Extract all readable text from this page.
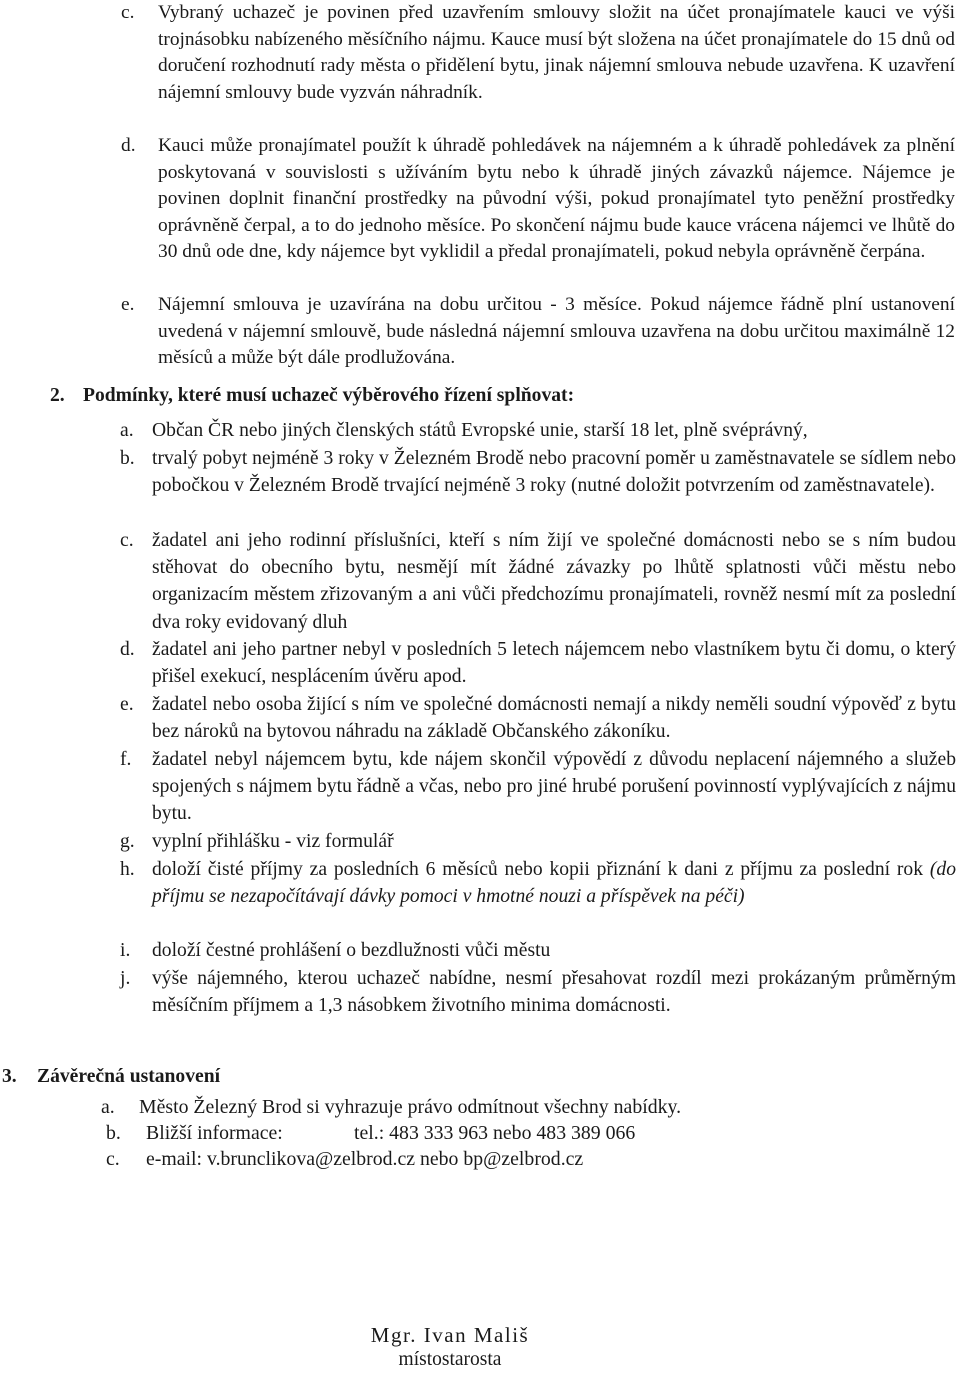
c. Vybraný uchazeč je povinen před uzavřením smlouvy složit na účet pronajímatele kauci ve výši trojnásobku nabízeného měsíčního nájmu. Kauce musí být složena na účet pronajímatele do 15 dnů od doručení rozhodnutí rady města o přidělení bytu, jinak nájemní smlouva nebude uzavřena. K uzavření nájemní smlouvy bude vyzván náhradník.
d. Kauci může pronajímatel použít k úhradě pohledávek na nájemném a k úhradě pohledávek za plnění poskytovaná v souvislosti s užíváním bytu nebo k úhradě jiných závazků nájemce. Nájemce je povinen doplnit finanční prostředky na původní výši, pokud pronajímatel tyto peněžní prostředky oprávněně čerpal, a to do jednoho měsíce. Po skončení nájmu bude kauce vrácena nájemci ve lhůtě do 30 dnů ode dne, kdy nájemce byt vyklidil a předal pronajímateli, pokud nebyla oprávněně čerpána.
e. Nájemní smlouva je uzavírána na dobu určitou - 3 měsíce. Pokud nájemce řádně plní ustanovení uvedená v nájemní smlouvě, bude následná nájemní smlouva uzavřena na dobu určitou maximálně 12 měsíců a může být dále prodlužována.
2. Podmínky, které musí uchazeč výběrového řízení splňovat:
a. Občan ČR nebo jiných členských států Evropské unie, starší 18 let, plně svéprávný,
b. trvalý pobyt nejméně 3 roky v Železném Brodě nebo pracovní poměr u zaměstnavatele se sídlem nebo pobočkou v Železném Brodě trvající nejméně 3 roky (nutné doložit potvrzením od zaměstnavatele).
c. žadatel ani jeho rodinní příslušníci, kteří s ním žijí ve společné domácnosti nebo se s ním budou stěhovat do obecního bytu, nesmějí mít žádné závazky po lhůtě splatnosti vůči městu nebo organizacím městem zřizovaným a ani vůči předchozímu pronajímateli, rovněž nesmí mít za poslední dva roky evidovaný dluh
d. žadatel ani jeho partner nebyl v posledních 5 letech nájemcem nebo vlastníkem bytu či domu, o který přišel exekucí, nesplácením úvěru apod.
e. žadatel nebo osoba žijící s ním ve společné domácnosti nemají a nikdy neměli soudní výpověď z bytu bez nároků na bytovou náhradu na základě Občanského zákoníku.
f. žadatel nebyl nájemcem bytu, kde nájem skončil výpovědí z důvodu neplacení nájemného a služeb spojených s nájmem bytu řádně a včas, nebo pro jiné hrubé porušení povinností vyplývajících z nájmu bytu.
g. vyplní přihlášku - viz formulář
h. doloží čisté příjmy za posledních 6 měsíců nebo kopii přiznání k dani z příjmu za poslední rok (do příjmu se nezapočítávají dávky pomoci v hmotné nouzi a příspěvek na péči)
i. doloží čestné prohlášení o bezdlužnosti vůči městu
j. výše nájemného, kterou uchazeč nabídne, nesmí přesahovat rozdíl mezi prokázaným průměrným měsíčním příjmem a 1,3 násobkem životního minima domácnosti.
3. Závěrečná ustanovení
a. Město Železný Brod si vyhrazuje právo odmítnout všechny nabídky.
b. Bližší informace:	tel.: 483 333 963 nebo 483 389 066
c. e-mail: v.brunclikova@zelbrod.cz nebo bp@zelbrod.cz
Mgr. Ivan Mališ
místostarosta
